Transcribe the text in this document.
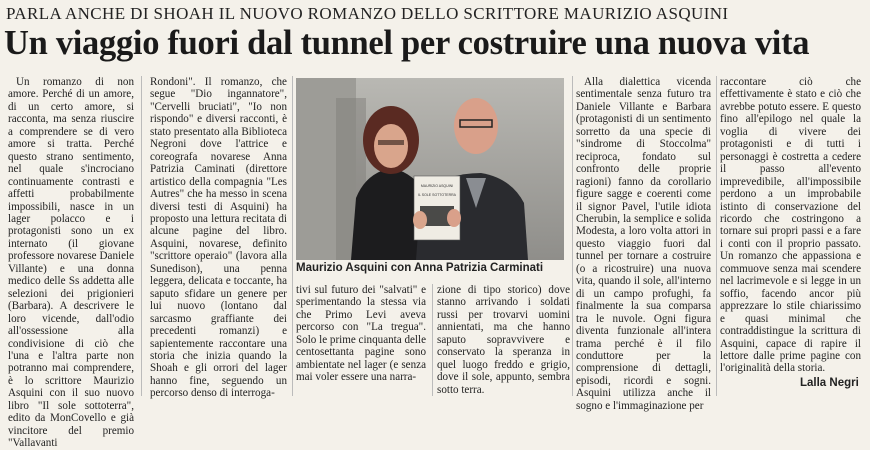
PARLA ANCHE DI SHOAH IL NUOVO ROMANZO DELLO SCRITTORE MAURIZIO ASQUINI
Un viaggio fuori dal tunnel per costruire una nuova vita

Un romanzo di non amore. Perché di un amore, di un certo amore, si racconta, ma senza riuscire a comprendere se di vero amore si tratta. Perché questo strano sentimento, nel quale s'incrociano continuamente contrasti e affetti probabilmente impossibili, nasce in un lager polacco e i protagonisti sono un ex internato (il giovane professore novarese Daniele Villante) e una donna medico delle Ss addetta alle selezioni dei prigionieri (Barbara). A descrivere le loro vicende, dall'odio all'ossessione alla condivisione di ciò che l'una e l'altra parte non potranno mai comprendere, è lo scrittore Maurizio Asquini con il suo nuovo libro "Il sole sottoterra", edito da MonCovello e già vincitore del premio "Vallavanti

Rondoni". Il romanzo, che segue "Dio ingannatore", "Cervelli bruciati", "Io non rispondo" e diversi racconti, è stato presentato alla Biblioteca Negroni dove l'attrice e coreografa novarese Anna Patrizia Caminati (direttore artistico della compagnia "Les Autres" che ha messo in scena diversi testi di Asquini) ha proposto una lettura recitata di alcune pagine del libro. Asquini, novarese, definito "scrittore operaio" (lavora alla Sunedison), una penna leggera, delicata e toccante, ha saputo sfidare un genere per lui nuovo (lontano dal sarcasmo graffiante dei precedenti romanzi) e sapientemente raccontare una storia che inizia quando la Shoah e gli orrori del lager hanno fine, seguendo un percorso denso di interroga-

MAURIZIO ASQUINI
IL SOLE SOTTOTERRA
Maurizio Asquini con Anna Patrizia Carminati
tivi sul futuro dei "salvati" e sperimentando la stessa via che Primo Levi aveva percorso con "La tregua". Solo le prime cinquanta delle centosettanta pagine sono ambientate nel lager (e senza mai voler essere una narra-
zione di tipo storico) dove stanno arrivando i soldati russi per trovarvi uomini annientati, ma che hanno saputo sopravvivere e conservato la speranza in quel luogo freddo e grigio, dove il sole, appunto, sembra sotto terra.

Alla dialettica vicenda sentimentale senza futuro tra Daniele Villante e Barbara (protagonisti di un sentimento sorretto da una specie di "sindrome di Stoccolma" reciproca, fondato sul confronto delle proprie ragioni) fanno da corollario figure sagge e coerenti come il signor Pavel, l'utile idiota Cherubin, la semplice e solida Modesta, a loro volta attori in questo viaggio fuori dal tunnel per tornare a costruire (o a ricostruire) una nuova vita, quando il sole, all'interno di un campo profughi, fa finalmente la sua comparsa tra le nuvole. Ogni figura diventa funzionale all'intera trama perché è il filo conduttore per la comprensione di dettagli, episodi, ricordi e sogni. Asquini utilizza anche il sogno e l'immaginazione per

raccontare ciò che effettivamente è stato e ciò che avrebbe potuto essere. E questo fino all'epilogo nel quale la voglia di vivere dei protagonisti e di tutti i personaggi è costretta a cedere il passo all'evento imprevedibile, all'impossibile perdono a un improbabile istinto di conservazione del ricordo che costringono a tornare sui propri passi e a fare i conti con il proprio passato. Un romanzo che appassiona e commuove senza mai scendere nel lacrimevole e si legge in un soffio, facendo ancor più apprezzare lo stile chiarissimo e quasi minimal che contraddistingue la scrittura di Asquini, capace di rapire il lettore dalle prime pagine con l'originalità della storia.

Lalla Negri
